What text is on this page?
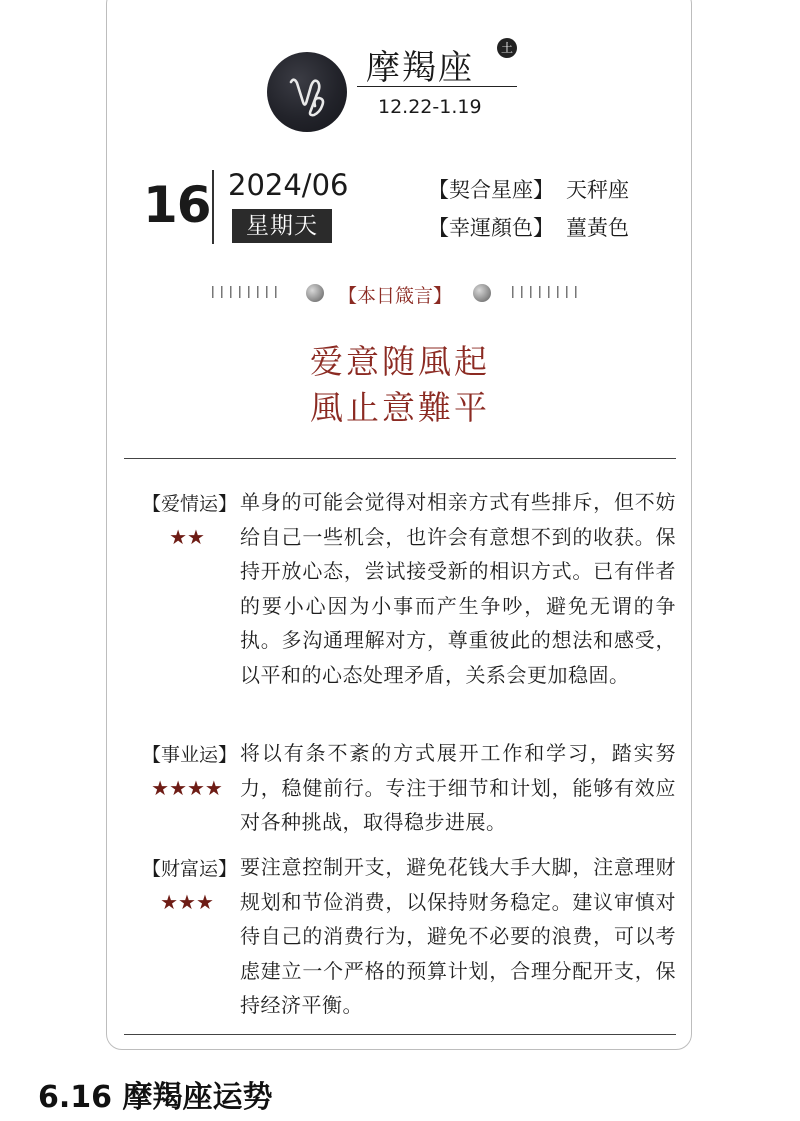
摩羯座	土
12.22-1.19
16 2024/06
星期天
【契合星座】 天秤座
【幸運顏色】 薑黃色
【本日箴言】
爱意随風起
風止意難平
【爱情运】
★★
单身的可能会觉得对相亲方式有些排斥，但不妨给自己一些机会，也许会有意想不到的收获。保持开放心态，尝试接受新的相识方式。已有伴者的要小心因为小事而产生争吵，避免无谓的争执。多沟通理解对方，尊重彼此的想法和感受，以平和的心态处理矛盾，关系会更加稳固。
【事业运】
★★★★
将以有条不紊的方式展开工作和学习，踏实努力，稳健前行。专注于细节和计划，能够有效应对各种挑战，取得稳步进展。
【财富运】
★★★
要注意控制开支，避免花钱大手大脚，注意理财规划和节俭消费，以保持财务稳定。建议审慎对待自己的消费行为，避免不必要的浪费，可以考虑建立一个严格的预算计划，合理分配开支，保持经济平衡。
6.16 摩羯座运势
